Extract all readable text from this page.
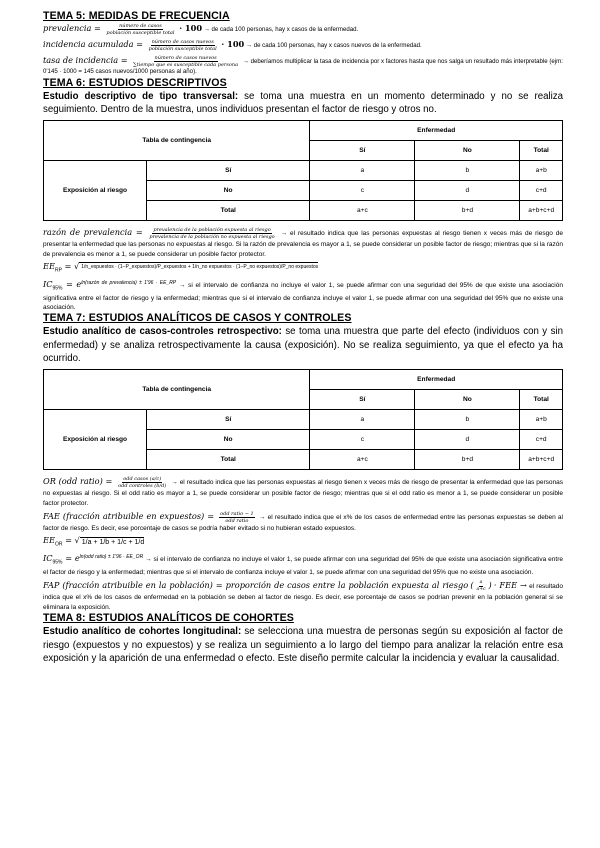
TEMA 5: MEDIDAS DE FRECUENCIA

prevalencia = $\frac{\text{número de casos}}{\text{población susceptible total}} \cdot 100$ → de cada 100 personas, hay x casos de la enfermedad.

incidencia acumulada = $\frac{\text{número de casos nuevos}}{\text{población susceptible total}} \cdot 100$ → de cada 100 personas, hay x casos nuevos de la enfermedad.

tasa de incidencia = $\frac{\text{número de casos nuevos}}{\text{∑tiempo que es susceptible cada persona}}$ → deberíamos multiplicar la tasa de incidencia por x factores hasta que nos salga un resultado más interpretable (ejm: 0'145 · 1000 = 145 casos nuevos/1000 personas al año).

TEMA 6: ESTUDIOS DESCRIPTIVOS

Estudio descriptivo de tipo transversal: se toma una muestra en un momento determinado y no se realiza seguimiento. Dentro de la muestra, unos individuos presentan el factor de riesgo y otros no.

Tabla de contingencia		Enfermedad		
		Sí	No	Total
Exposición al riesgo	Sí	a	b	a+b
	No	c	d	c+d
	Total	a+c	b+d	a+b+c+d

razón de prevalencia = $\frac{\text{prevalencia de la población expuesta al riesgo}}{\text{prevalencia de la población no expuesta al riesgo}}$ → el resultado indica que las personas expuestas al riesgo tienen x veces más de riesgo de presentar la enfermedad que las personas no expuestas al riesgo. Si la razón de prevalencia es mayor a 1, se puede considerar un posible factor de riesgo; mientras que si la razón de prevalencia es menor a 1, se puede considerar un posible factor protector.

$EE_{RP}$ = √ 1/n_expuestos · (1−P_expuestos)/P_expuestos + 1/n_no expuestos · (1−P_no expuestos)/P_no expuestos

$IC_{95\%} = e^{ln(razón de prevalencia) \pm 1'96 \cdot EE\_RP}$ → si el intervalo de confianza no incluye el valor 1, se puede afirmar con una seguridad del 95% de que existe una asociación significativa entre el factor de riesgo y la enfermedad; mientras que si el intervalo de confianza incluye el valor 1, se puede afirmar con una seguridad del 95% que no existe una asociación.

TEMA 7: ESTUDIOS ANALÍTICOS DE CASOS Y CONTROLES

Estudio analítico de casos-controles retrospectivo: se toma una muestra que parte del efecto (individuos con y sin enfermedad) y se analiza retrospectivamente la causa (exposición). No se realiza seguimiento, ya que el efecto ya ha ocurrido.

Tabla de contingencia		Enfermedad		
		Sí	No	Total
Exposición al riesgo	Sí	a	b	a+b
	No	c	d	c+d
	Total	a+c	b+d	a+b+c+d

OR (odd ratio) = $\frac{\text{odd casos (a/c)}}{\text{odd controles (b/d)}}$ → el resultado indica que las personas expuestas al riesgo tienen x veces más de riesgo de presentar la enfermedad que las personas no expuestas al riesgo. Si el odd ratio es mayor a 1, se puede considerar un posible factor de riesgo; mientras que si el odd ratio es menor a 1, se puede considerar un posible factor protector.

FAE (fracción atribuible en expuestos) = $\frac{\text{odd ratio − 1}}{\text{odd ratio}}$ → el resultado indica que el x% de los casos de enfermedad entre las personas expuestas se deben al factor de riesgo. Es decir, ese porcentaje de casos se podría haber evitado si no hubieran estado expuestos.

$EE_{OR}$ = √ 1/a + 1/b + 1/c + 1/d

$IC_{95\%} = e^{ln(odd ratio) \pm 1'96 \cdot EE\_OR}$ → si el intervalo de confianza no incluye el valor 1, se puede afirmar con una seguridad del 95% de que existe una asociación significativa entre el factor de riesgo y la enfermedad; mientras que si el intervalo de confianza incluye el valor 1, se puede afirmar con una seguridad del 95% que no existe una asociación.

FAP (fracción atribuible en la población) = proporción de casos entre la población expuesta al riesgo ( $\frac{a}{a+c}$ ) · FEE → el resultado indica que el x% de los casos de enfermedad en la población se deben al factor de riesgo. Es decir, ese porcentaje de casos se podrían prevenir en la población general si se eliminara la exposición.

TEMA 8: ESTUDIOS ANALÍTICOS DE COHORTES

Estudio analítico de cohortes longitudinal: se selecciona una muestra de personas según su exposición al factor de riesgo (expuestos y no expuestos) y se realiza un seguimiento a lo largo del tiempo para analizar la relación entre esa exposición y la aparición de una enfermedad o efecto. Este diseño permite calcular la incidencia y evaluar la causalidad.
